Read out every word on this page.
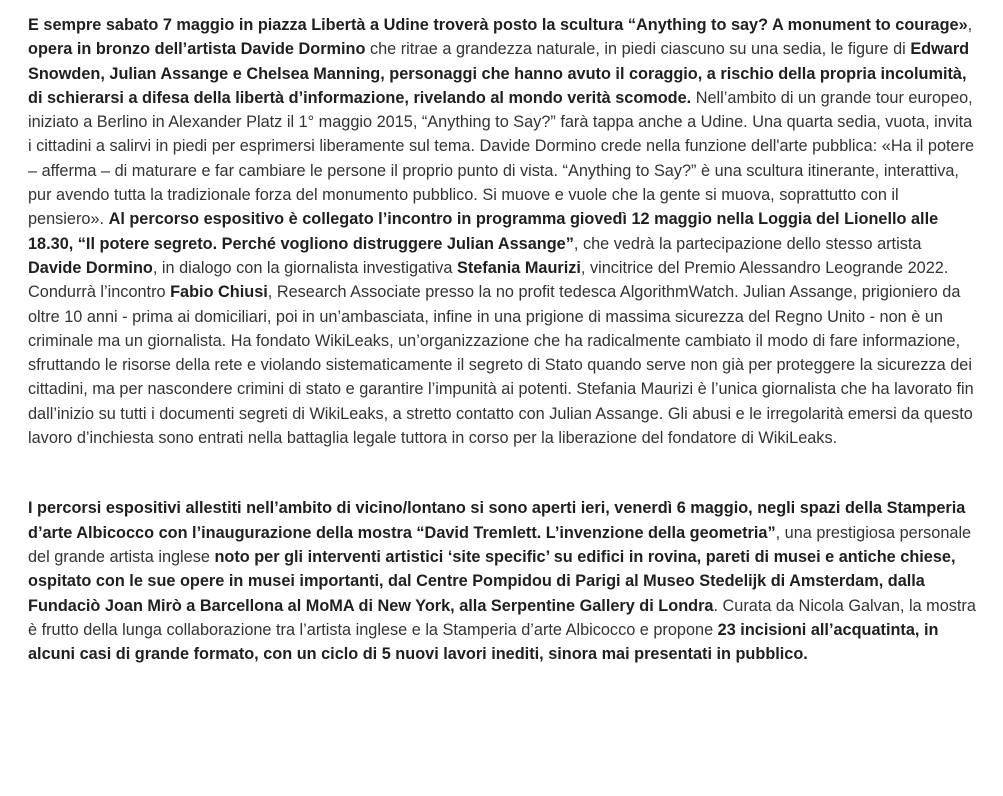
E sempre sabato 7 maggio in piazza Libertà a Udine troverà posto la scultura “Anything to say? A monument to courage», opera in bronzo dell’artista Davide Dormino che ritrae a grandezza naturale, in piedi ciascuno su una sedia, le figure di Edward Snowden, Julian Assange e Chelsea Manning, personaggi che hanno avuto il coraggio, a rischio della propria incolumità, di schierarsi a difesa della libertà d’informazione, rivelando al mondo verità scomode. Nell’ambito di un grande tour europeo, iniziato a Berlino in Alexander Platz il 1° maggio 2015, “Anything to Say?” farà tappa anche a Udine. Una quarta sedia, vuota, invita i cittadini a salirvi in piedi per esprimersi liberamente sul tema. Davide Dormino crede nella funzione dell'arte pubblica: «Ha il potere – afferma – di maturare e far cambiare le persone il proprio punto di vista. “Anything to Say?” è una scultura itinerante, interattiva, pur avendo tutta la tradizionale forza del monumento pubblico. Si muove e vuole che la gente si muova, soprattutto con il pensiero». Al percorso espositivo è collegato l’incontro in programma giovedì 12 maggio nella Loggia del Lionello alle 18.30, “Il potere segreto. Perché vogliono distruggere Julian Assange”, che vedrà la partecipazione dello stesso artista Davide Dormino, in dialogo con la giornalista investigativa Stefania Maurizi, vincitrice del Premio Alessandro Leogrande 2022. Condurrà l’incontro Fabio Chiusi, Research Associate presso la no profit tedesca AlgorithmWatch. Julian Assange, prigioniero da oltre 10 anni - prima ai domiciliari, poi in un’ambasciata, infine in una prigione di massima sicurezza del Regno Unito - non è un criminale ma un giornalista. Ha fondato WikiLeaks, un’organizzazione che ha radicalmente cambiato il modo di fare informazione, sfruttando le risorse della rete e violando sistematicamente il segreto di Stato quando serve non già per proteggere la sicurezza dei cittadini, ma per nascondere crimini di stato e garantire l’impunità ai potenti. Stefania Maurizi è l’unica giornalista che ha lavorato fin dall’inizio su tutti i documenti segreti di WikiLeaks, a stretto contatto con Julian Assange. Gli abusi e le irregolarità emersi da questo lavoro d’inchiesta sono entrati nella battaglia legale tuttora in corso per la liberazione del fondatore di WikiLeaks.

I percorsi espositivi allestiti nell’ambito di vicino/lontano si sono aperti ieri, venerdì 6 maggio, negli spazi della Stamperia d’arte Albicocco con l’inaugurazione della mostra “David Tremlett. L’invenzione della geometria”, una prestigiosa personale del grande artista inglese noto per gli interventi artistici ‘site specific’ su edifici in rovina, pareti di musei e antiche chiese, ospitato con le sue opere in musei importanti, dal Centre Pompidou di Parigi al Museo Stedelijk di Amsterdam, dalla Fundaciò Joan Mirò a Barcellona al MoMA di New York, alla Serpentine Gallery di Londra. Curata da Nicola Galvan, la mostra è frutto della lunga collaborazione tra l’artista inglese e la Stamperia d’arte Albicocco e propone 23 incisioni all’acquatinta, in alcuni casi di grande formato, con un ciclo di 5 nuovi lavori inediti, sinora mai presentati in pubblico.
